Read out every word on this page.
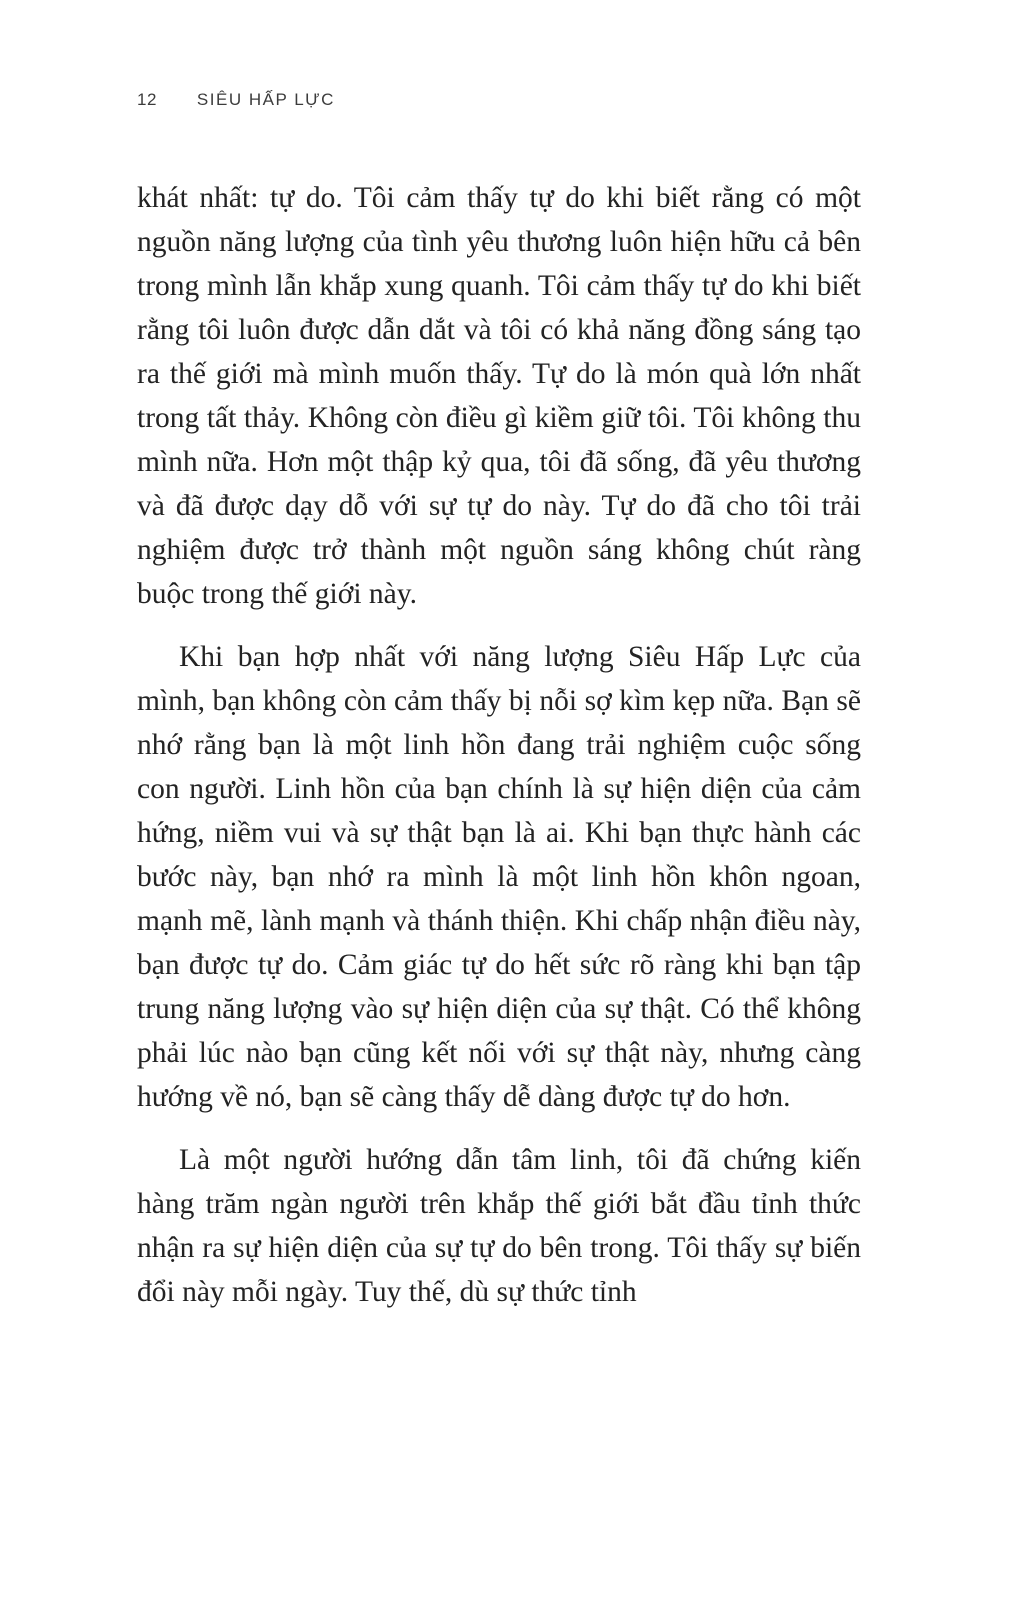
12 SIÊU HẤP LỰC

khát nhất: tự do. Tôi cảm thấy tự do khi biết rằng có một nguồn năng lượng của tình yêu thương luôn hiện hữu cả bên trong mình lẫn khắp xung quanh. Tôi cảm thấy tự do khi biết rằng tôi luôn được dẫn dắt và tôi có khả năng đồng sáng tạo ra thế giới mà mình muốn thấy. Tự do là món quà lớn nhất trong tất thảy. Không còn điều gì kiềm giữ tôi. Tôi không thu mình nữa. Hơn một thập kỷ qua, tôi đã sống, đã yêu thương và đã được dạy dỗ với sự tự do này. Tự do đã cho tôi trải nghiệm được trở thành một nguồn sáng không chút ràng buộc trong thế giới này.

Khi bạn hợp nhất với năng lượng Siêu Hấp Lực của mình, bạn không còn cảm thấy bị nỗi sợ kìm kẹp nữa. Bạn sẽ nhớ rằng bạn là một linh hồn đang trải nghiệm cuộc sống con người. Linh hồn của bạn chính là sự hiện diện của cảm hứng, niềm vui và sự thật bạn là ai. Khi bạn thực hành các bước này, bạn nhớ ra mình là một linh hồn khôn ngoan, mạnh mẽ, lành mạnh và thánh thiện. Khi chấp nhận điều này, bạn được tự do. Cảm giác tự do hết sức rõ ràng khi bạn tập trung năng lượng vào sự hiện diện của sự thật. Có thể không phải lúc nào bạn cũng kết nối với sự thật này, nhưng càng hướng về nó, bạn sẽ càng thấy dễ dàng được tự do hơn.

Là một người hướng dẫn tâm linh, tôi đã chứng kiến hàng trăm ngàn người trên khắp thế giới bắt đầu tỉnh thức nhận ra sự hiện diện của sự tự do bên trong. Tôi thấy sự biến đổi này mỗi ngày. Tuy thế, dù sự thức tỉnh
